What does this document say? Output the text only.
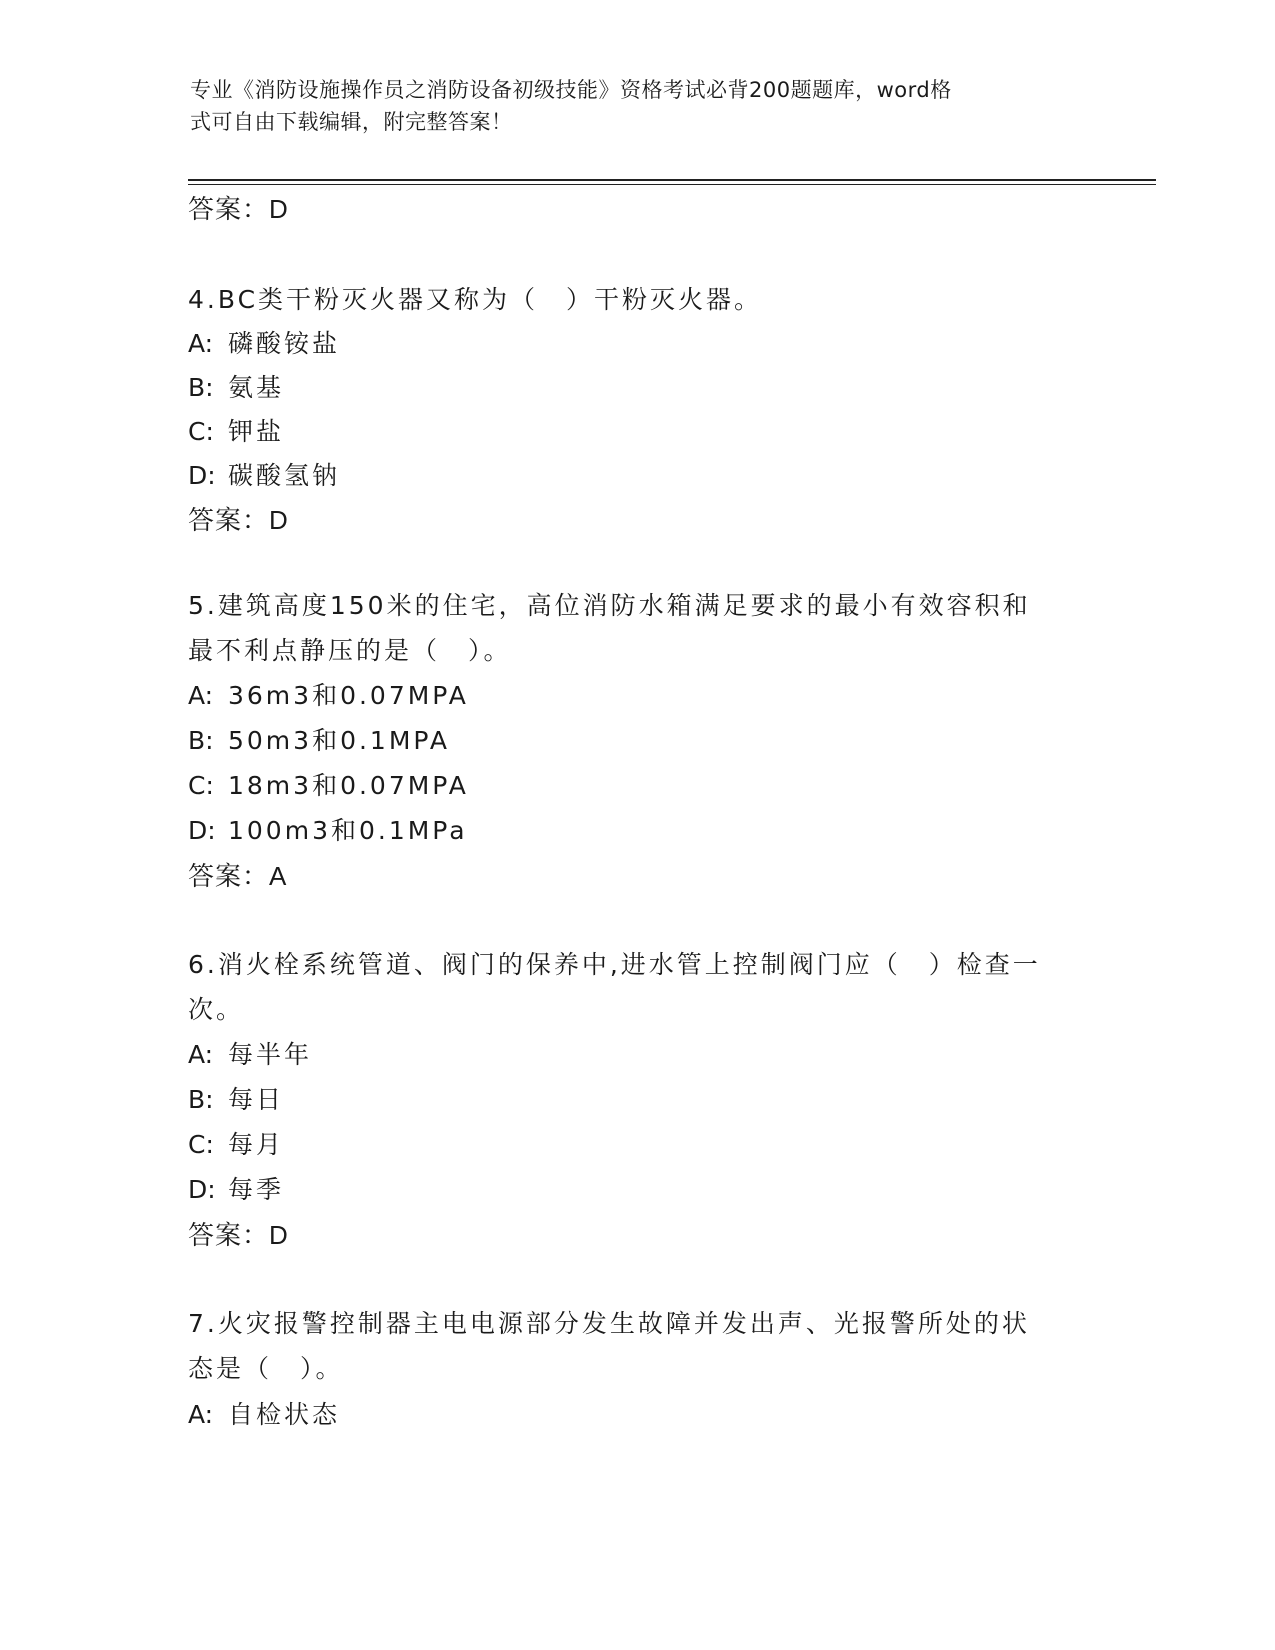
专业《消防设施操作员之消防设备初级技能》资格考试必背200题题库，word格
式可自由下载编辑，附完整答案！
答案：D
4.BC类干粉灭火器又称为（　）干粉灭火器。
A: 磷酸铵盐
B: 氨基
C: 钾盐
D: 碳酸氢钠
答案：D
5.建筑高度150米的住宅，高位消防水箱满足要求的最小有效容积和
最不利点静压的是（　）。
A: 36m3和0.07MPA
B: 50m3和0.1MPA
C: 18m3和0.07MPA
D: 100m3和0.1MPa
答案：A
6.消火栓系统管道、阀门的保养中,进水管上控制阀门应（　）检查一
次。
A: 每半年
B: 每日
C: 每月
D: 每季
答案：D
7.火灾报警控制器主电电源部分发生故障并发出声、光报警所处的状
态是（　）。
A: 自检状态
